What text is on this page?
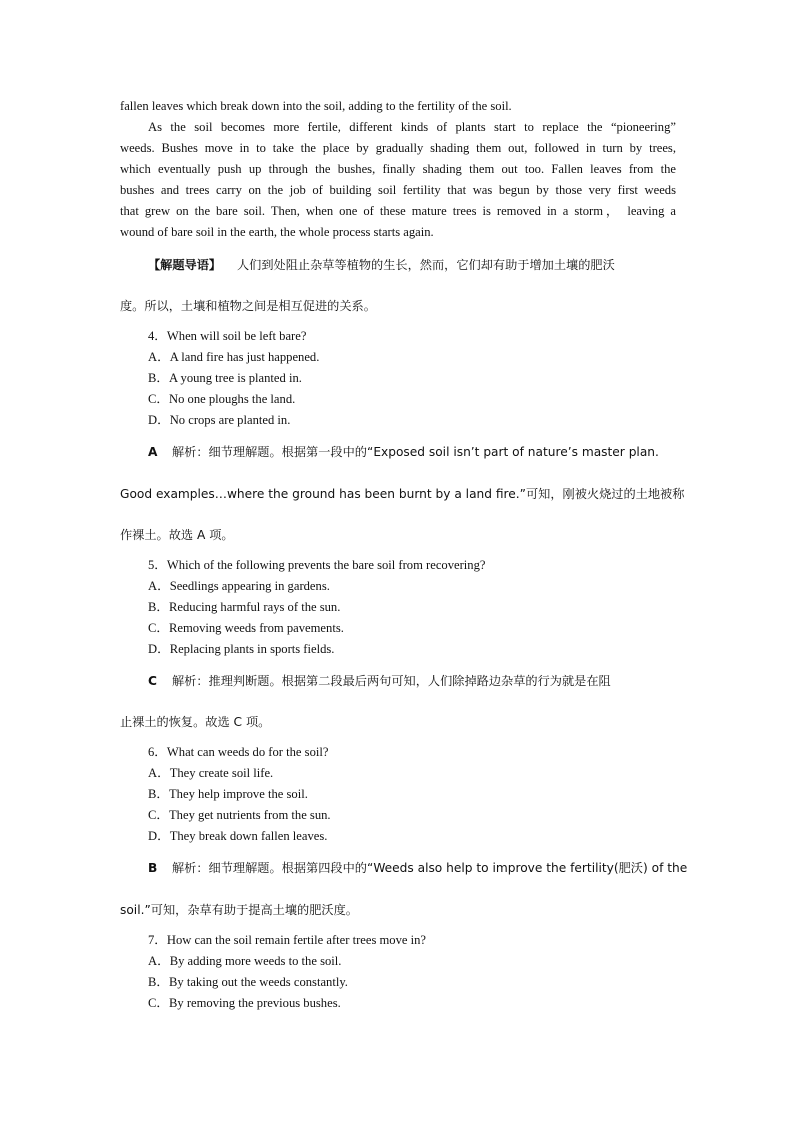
fallen leaves which break down into the soil, adding to the fertility of the soil.
As the soil becomes more fertile, different kinds of plants start to replace the “pioneering”
weeds. Bushes move in to take the place by gradually shading them out, followed in turn by trees,
which eventually push up through the bushes, finally shading them out too. Fallen leaves from the
bushes and trees carry on the job of building soil fertility that was begun by those very first weeds
that grew on the bare soil. Then, when one of these mature trees is removed in a storm， leaving a
wound of bare soil in the earth, the whole process starts again.
【解题导语】 人们到处阻止杂草等植物的生长，然而，它们却有助于增加土壤的肥沃
度。所以，土壤和植物之间是相互促进的关系。
4．When will soil be left bare?
A．A land fire has just happened.
B．A young tree is planted in.
C．No one ploughs the land.
D．No crops are planted in.
A 解析：细节理解题。根据第一段中的“Exposed soil isn’t part of nature’s master plan.
Good examples…where the ground has been burnt by a land fire.”可知，刚被火烧过的土地被称
作裸土。故选 A 项。
5．Which of the following prevents the bare soil from recovering?
A．Seedlings appearing in gardens.
B．Reducing harmful rays of the sun.
C．Removing weeds from pavements.
D．Replacing plants in sports fields.
C 解析：推理判断题。根据第二段最后两句可知，人们除掉路边杂草的行为就是在阻
止裸土的恢复。故选 C 项。
6．What can weeds do for the soil?
A．They create soil life.
B．They help improve the soil.
C．They get nutrients from the sun.
D．They break down fallen leaves.
B 解析：细节理解题。根据第四段中的“Weeds also help to improve the fertility(肥沃) of the
soil.”可知，杂草有助于提高土壤的肥沃度。
7．How can the soil remain fertile after trees move in?
A．By adding more weeds to the soil.
B．By taking out the weeds constantly.
C．By removing the previous bushes.
